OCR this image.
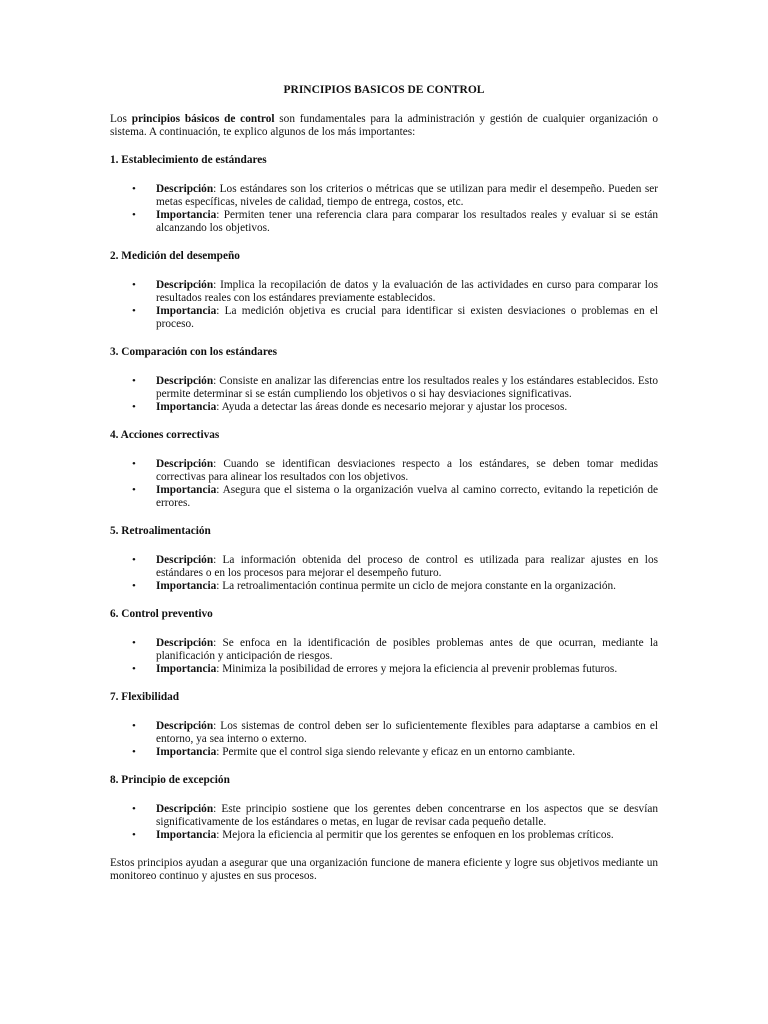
PRINCIPIOS BASICOS DE CONTROL

Los principios básicos de control son fundamentales para la administración y gestión de cualquier organización o sistema. A continuación, te explico algunos de los más importantes:

1. Establecimiento de estándares
• Descripción: Los estándares son los criterios o métricas que se utilizan para medir el desempeño. Pueden ser metas específicas, niveles de calidad, tiempo de entrega, costos, etc.
• Importancia: Permiten tener una referencia clara para comparar los resultados reales y evaluar si se están alcanzando los objetivos.
2. Medición del desempeño
• Descripción: Implica la recopilación de datos y la evaluación de las actividades en curso para comparar los resultados reales con los estándares previamente establecidos.
• Importancia: La medición objetiva es crucial para identificar si existen desviaciones o problemas en el proceso.
3. Comparación con los estándares
• Descripción: Consiste en analizar las diferencias entre los resultados reales y los estándares establecidos. Esto permite determinar si se están cumpliendo los objetivos o si hay desviaciones significativas.
• Importancia: Ayuda a detectar las áreas donde es necesario mejorar y ajustar los procesos.
4. Acciones correctivas
• Descripción: Cuando se identifican desviaciones respecto a los estándares, se deben tomar medidas correctivas para alinear los resultados con los objetivos.
• Importancia: Asegura que el sistema o la organización vuelva al camino correcto, evitando la repetición de errores.
5. Retroalimentación
• Descripción: La información obtenida del proceso de control es utilizada para realizar ajustes en los estándares o en los procesos para mejorar el desempeño futuro.
• Importancia: La retroalimentación continua permite un ciclo de mejora constante en la organización.
6. Control preventivo
• Descripción: Se enfoca en la identificación de posibles problemas antes de que ocurran, mediante la planificación y anticipación de riesgos.
• Importancia: Minimiza la posibilidad de errores y mejora la eficiencia al prevenir problemas futuros.
7. Flexibilidad
• Descripción: Los sistemas de control deben ser lo suficientemente flexibles para adaptarse a cambios en el entorno, ya sea interno o externo.
• Importancia: Permite que el control siga siendo relevante y eficaz en un entorno cambiante.
8. Principio de excepción
• Descripción: Este principio sostiene que los gerentes deben concentrarse en los aspectos que se desvían significativamente de los estándares o metas, en lugar de revisar cada pequeño detalle.
• Importancia: Mejora la eficiencia al permitir que los gerentes se enfoquen en los problemas críticos.

Estos principios ayudan a asegurar que una organización funcione de manera eficiente y logre sus objetivos mediante un monitoreo continuo y ajustes en sus procesos.
